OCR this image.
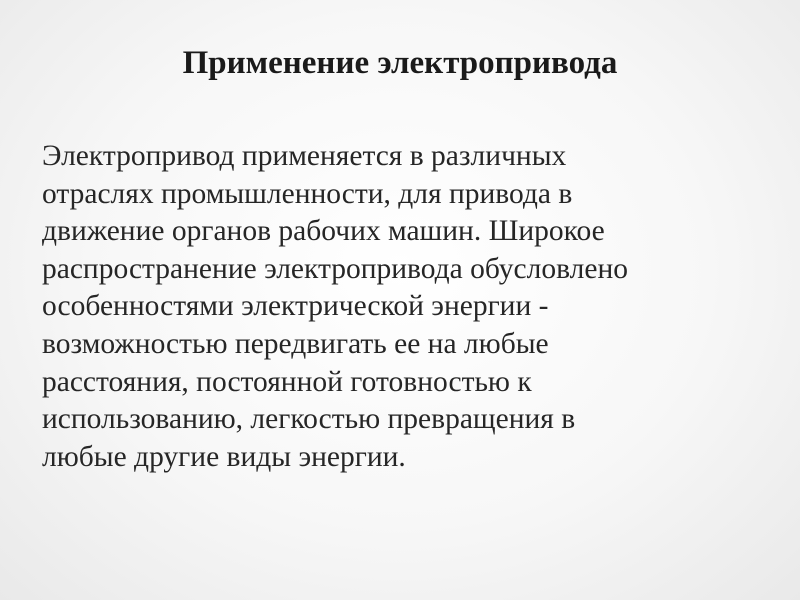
Применение электропривода

Электропривод применяется в различных
отраслях промышленности, для привода в
движение органов рабочих машин. Широкое
распространение электропривода обусловлено
особенностями электрической энергии -
возможностью передвигать ее на любые
расстояния, постоянной готовностью к
использованию, легкостью превращения в
любые другие виды энергии.
